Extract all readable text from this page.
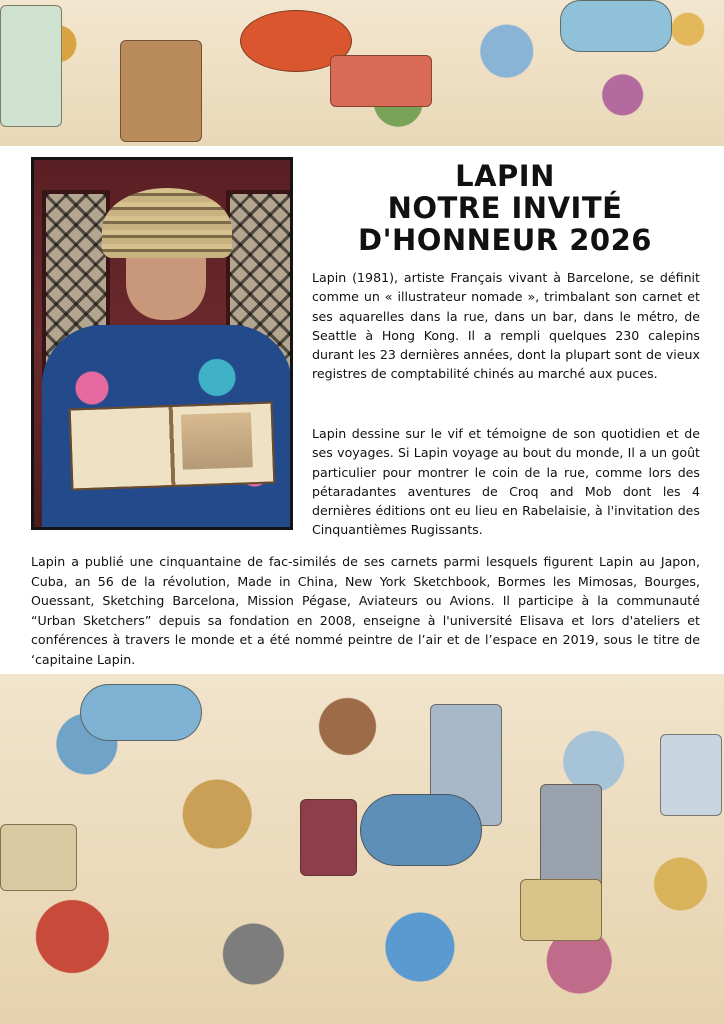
LAPIN
NOTRE INVITÉ
D'HONNEUR 2026

Lapin (1981), artiste Français vivant à Barcelone, se définit comme un « illustrateur nomade », trimbalant son carnet et ses aquarelles dans la rue, dans un bar, dans le métro, de Seattle à Hong Kong. Il a rempli quelques 230 calepins durant les 23 dernières années, dont la plupart sont de vieux registres de comptabilité chinés au marché aux puces.

Lapin dessine sur le vif et témoigne de son quotidien et de ses voyages. Si Lapin voyage au bout du monde, Il a un goût particulier pour montrer le coin de la rue, comme lors des pétaradantes aventures de Croq and Mob dont les 4 dernières éditions ont eu lieu en Rabelaisie, à l'invitation des Cinquantièmes Rugissants.

Lapin a publié une cinquantaine de fac-similés de ses carnets parmi lesquels figurent Lapin au Japon, Cuba, an 56 de la révolution, Made in China, New York Sketchbook, Bormes les Mimosas, Bourges, Ouessant, Sketching Barcelona, Mission Pégase, Aviateurs ou Avions. Il participe à la communauté “Urban Sketchers” depuis sa fondation en 2008, enseigne à l'université Elisava et lors d'ateliers et conférences à travers le monde et a été nommé peintre de l’air et de l’espace en 2019, sous le titre de ‘capitaine Lapin.
